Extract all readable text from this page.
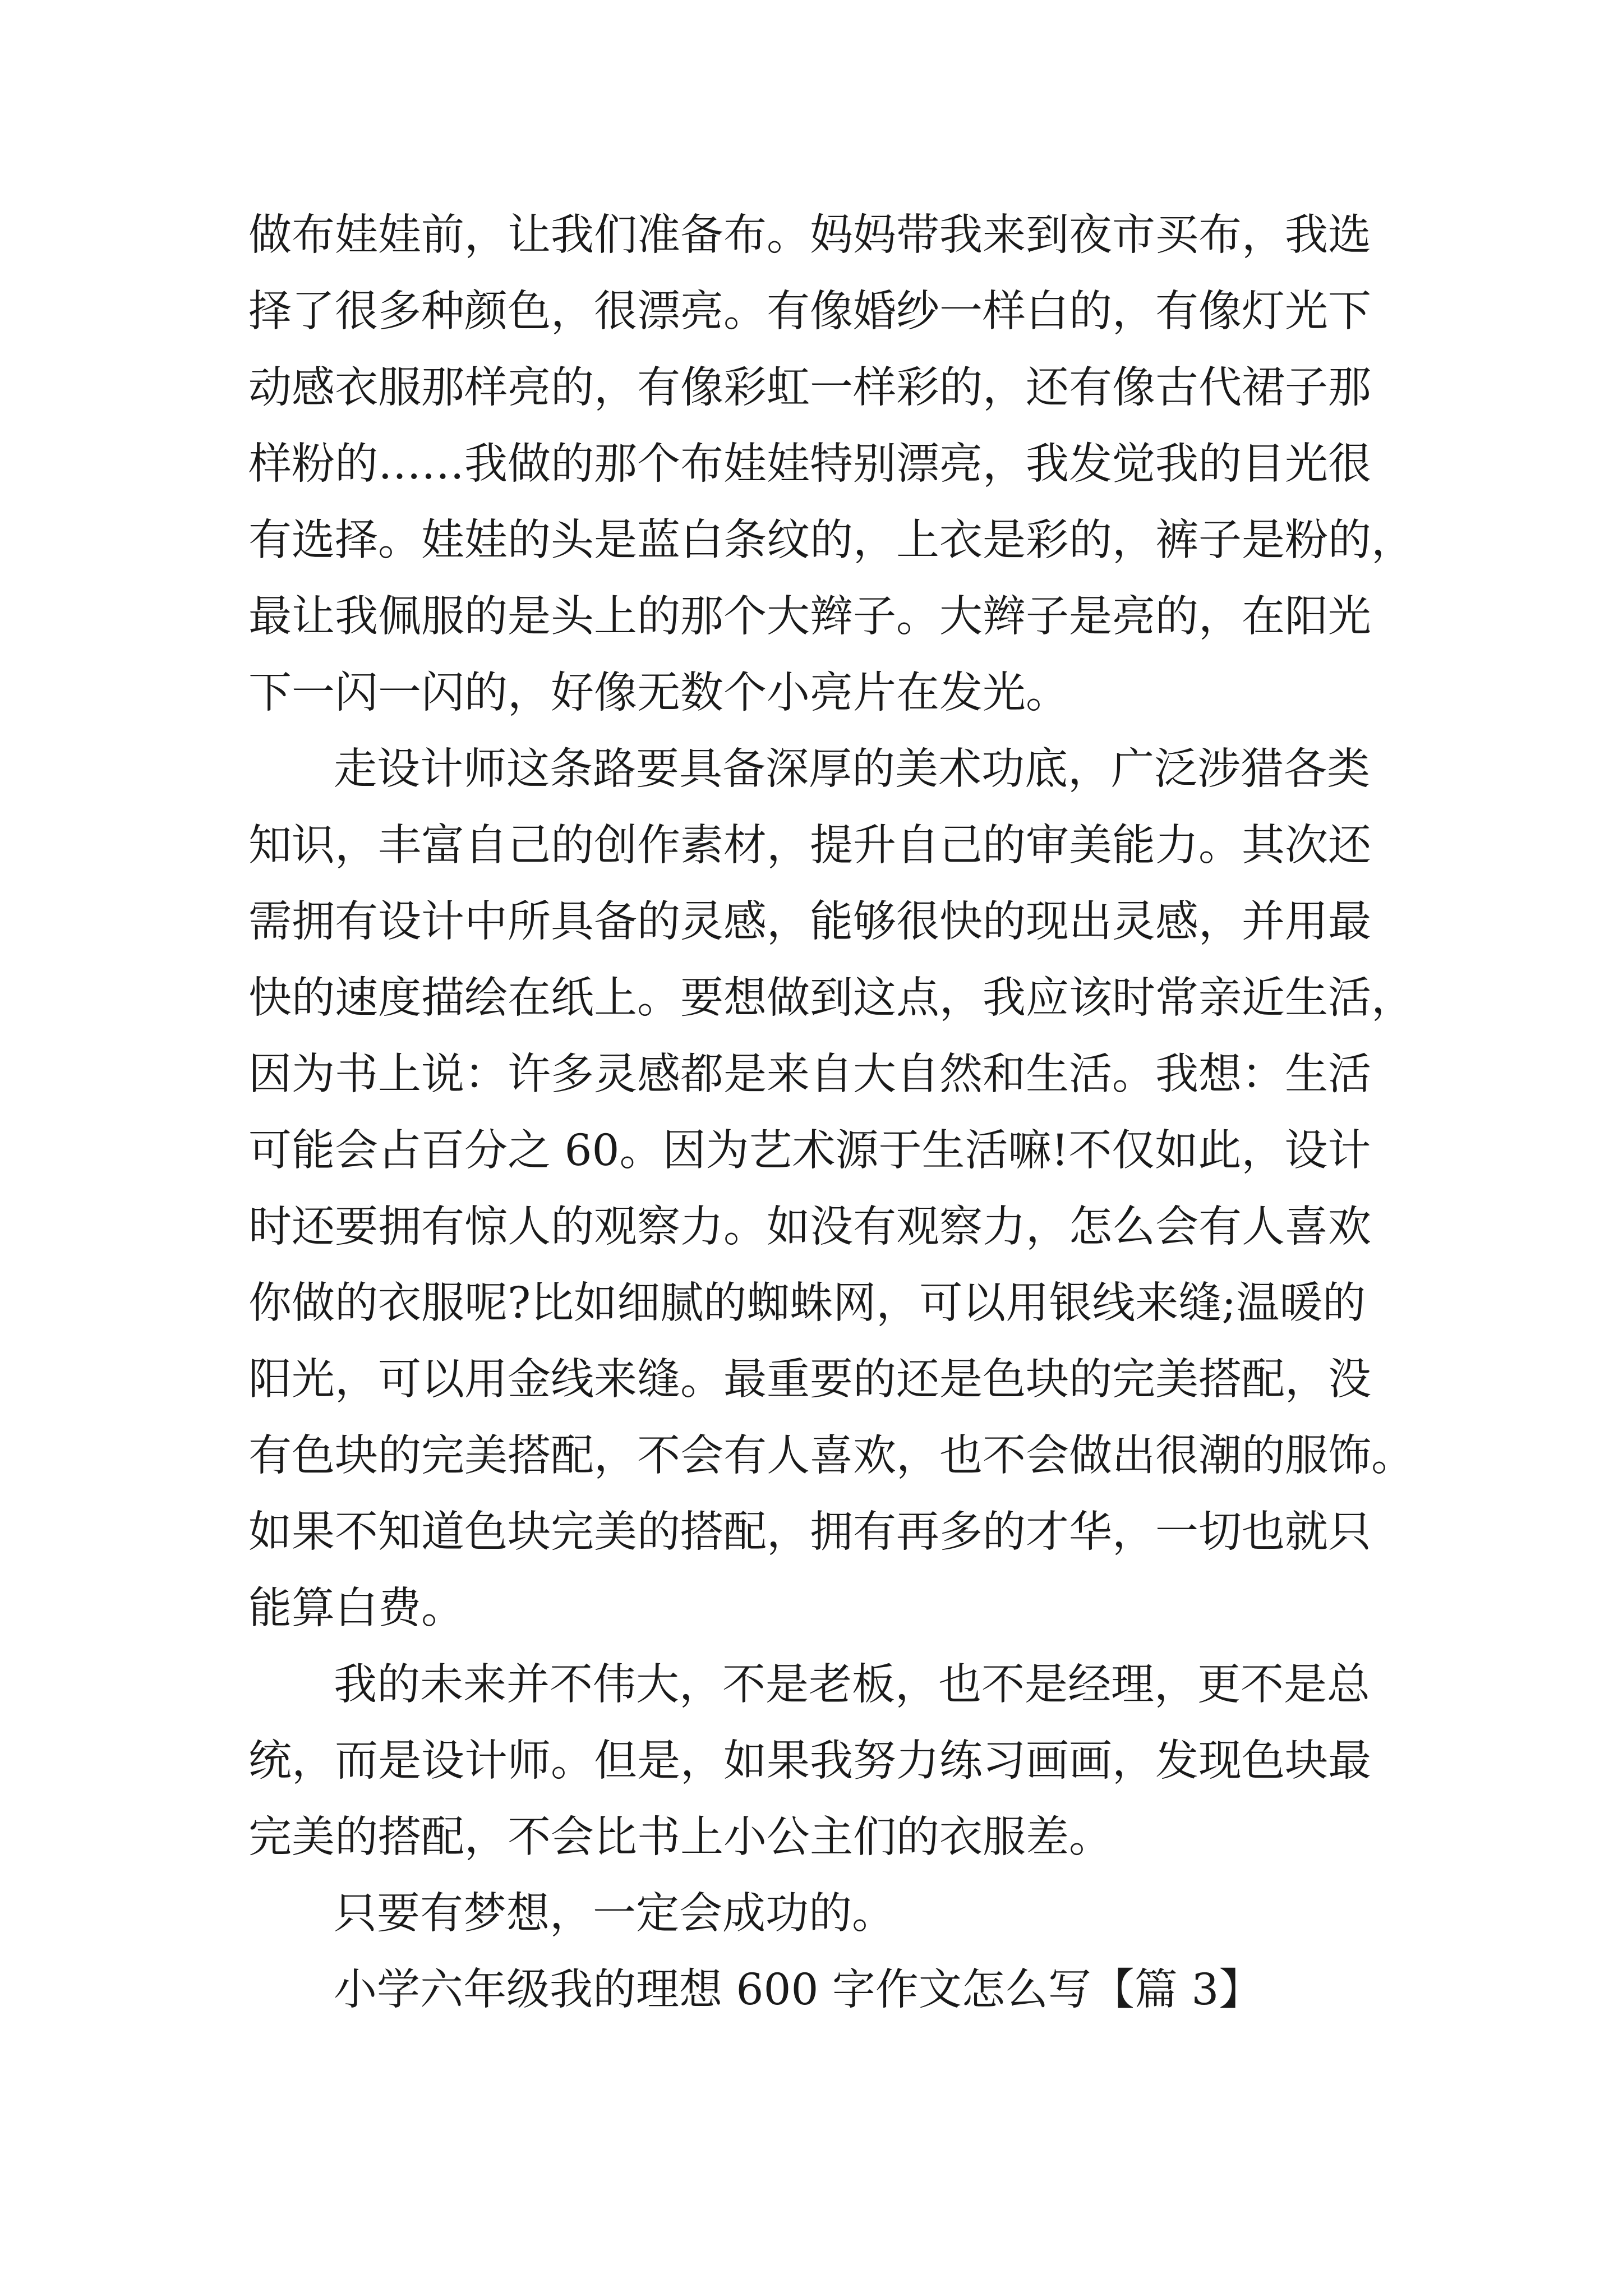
做布娃娃前，让我们准备布。妈妈带我来到夜市买布，我选
择了很多种颜色，很漂亮。有像婚纱一样白的，有像灯光下
动感衣服那样亮的，有像彩虹一样彩的，还有像古代裙子那
样粉的……我做的那个布娃娃特别漂亮，我发觉我的目光很
有选择。娃娃的头是蓝白条纹的，上衣是彩的，裤子是粉的，
最让我佩服的是头上的那个大辫子。大辫子是亮的，在阳光
下一闪一闪的，好像无数个小亮片在发光。
走设计师这条路要具备深厚的美术功底，广泛涉猎各类
知识，丰富自己的创作素材，提升自己的审美能力。其次还
需拥有设计中所具备的灵感，能够很快的现出灵感，并用最
快的速度描绘在纸上。要想做到这点，我应该时常亲近生活，
因为书上说：许多灵感都是来自大自然和生活。我想：生活
可能会占百分之 60。因为艺术源于生活嘛!不仅如此，设计
时还要拥有惊人的观察力。如没有观察力，怎么会有人喜欢
你做的衣服呢?比如细腻的蜘蛛网，可以用银线来缝;温暖的
阳光，可以用金线来缝。最重要的还是色块的完美搭配，没
有色块的完美搭配，不会有人喜欢，也不会做出很潮的服饰。
如果不知道色块完美的搭配，拥有再多的才华，一切也就只
能算白费。
我的未来并不伟大，不是老板，也不是经理，更不是总
统，而是设计师。但是，如果我努力练习画画，发现色块最
完美的搭配，不会比书上小公主们的衣服差。
只要有梦想，一定会成功的。
小学六年级我的理想 600 字作文怎么写【篇 3】
